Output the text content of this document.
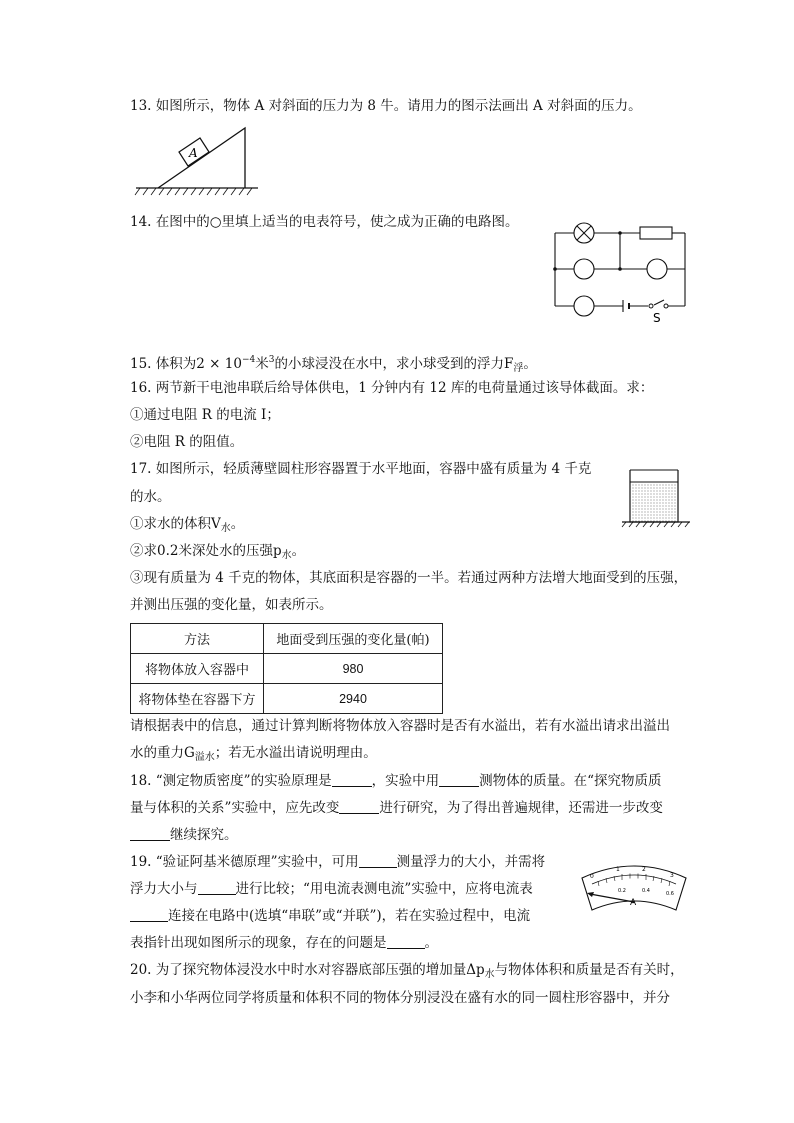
13. 如图所示，物体 A 对斜面的压力为 8 牛。请用力的图示法画出 A 对斜面的压力。
A
14. 在图中的○里填上适当的电表符号，使之成为正确的电路图。
S
15. 体积为$2 \times 10^{-4}$米$^3$的小球浸没在水中，求小球受到的浮力$F_浮$。
16. 两节新干电池串联后给导体供电，1 分钟内有 12 库的电荷量通过该导体截面。求：
①通过电阻 R 的电流 I；
②电阻 R 的阻值。
17. 如图所示，轻质薄壁圆柱形容器置于水平地面，容器中盛有质量为 4 千克
的水。
①求水的体积$V_水$。
②求0.2米深处水的压强$p_水$。
③现有质量为 4 千克的物体，其底面积是容器的一半。若通过两种方法增大地面受到的压强，
并测出压强的变化量，如表所示。
方法	地面受到压强的变化量(帕)
将物体放入容器中	980
将物体垫在容器下方	2940
请根据表中的信息，通过计算判断将物体放入容器时是否有水溢出，若有水溢出请求出溢出
水的重力$G_{溢水}$；若无水溢出请说明理由。
18. “测定物质密度”的实验原理是	，实验中用	测物体的质量。在“探究物质质
量与体积的关系”实验中，应先改变	进行研究，为了得出普遍规律，还需进一步改变
继续探究。
19. “验证阿基米德原理”实验中，可用	测量浮力的大小，并需将
浮力大小与	进行比较；“用电流表测电流”实验中，应将电流表
连接在电路中(选填“串联”或“并联”)，若在实验过程中，电流
表指针出现如图所示的现象，存在的问题是	。
0
1	2
3
0.2	0.4	0.6
A
20. 为了探究物体浸没水中时水对容器底部压强的增加量$\Delta p_水$与物体体积和质量是否有关时，
小李和小华两位同学将质量和体积不同的物体分别浸没在盛有水的同一圆柱形容器中，并分
